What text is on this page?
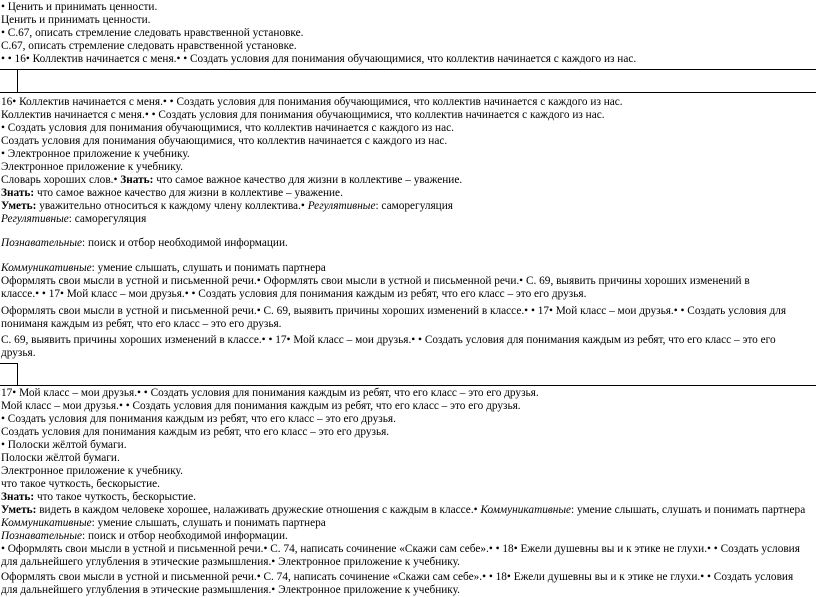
• Ценить и принимать ценности.
Ценить и принимать ценности.
• С.67, описать стремление следовать нравственной установке.
С.67, описать стремление следовать нравственной установке.
• • 16• Коллектив начинается с меня.• • Создать условия для понимания обучающимися, что коллектив начинается с каждого из нас.
16• Коллектив начинается с меня.• • Создать условия для понимания обучающимися, что коллектив начинается с каждого из нас.
Коллектив начинается с меня.• • Создать условия для понимания обучающимися, что коллектив начинается с каждого из нас.
• Создать условия для понимания обучающимися, что коллектив начинается с каждого из нас.
Создать условия для понимания обучающимися, что коллектив начинается с каждого из нас.
• Электронное приложение к учебнику.
Электронное приложение к учебнику.
Словарь хороших слов.• Знать: что самое важное качество для жизни в коллективе – уважение.
Знать: что самое важное качество для жизни в коллективе – уважение.
Уметь: уважительно относиться к каждому члену коллектива.• Регулятивные: саморегуляция
Регулятивные: саморегуляция
Познавательные: поиск и отбор необходимой информации.
Коммуникативные: умение слышать, слушать и понимать партнера
Оформлять свои мысли в устной и письменной речи.• Оформлять свои мысли в устной и письменной речи.• С. 69, выявить причины хороших изменений в
классе.• • 17• Мой класс – мои друзья.• • Создать условия для понимания каждым из ребят, что его класс – это его друзья.
Оформлять свои мысли в устной и письменной речи.• С. 69, выявить причины хороших изменений в классе.• • 17• Мой класс – мои друзья.• • Создать условия для
пониманя каждым из ребят, что его класс – это его друзья.
С. 69, выявить причины хороших изменений в классе.• • 17• Мой класс – мои друзья.• • Создать условия для понимания каждым из ребят, что его класс – это его
друзья.
17• Мой класс – мои друзья.• • Создать условия для понимания каждым из ребят, что его класс – это его друзья.
Мой класс – мои друзья.• • Создать условия для понимания каждым из ребят, что его класс – это его друзья.
• Создать условия для понимания каждым из ребят, что его класс – это его друзья.
Создать условия для понимания каждым из ребят, что его класс – это его друзья.
• Полоски жёлтой бумаги.
Полоски жёлтой бумаги.
Электронное приложение к учебнику.
что такое чуткость, бескорыстие.
Знать: что такое чуткость, бескорыстие.
Уметь: видеть в каждом человеке хорошее, налаживать дружеские отношения с каждым в классе.• Коммуникативные: умение слышать, слушать и понимать партнера
Коммуникативные: умение слышать, слушать и понимать партнера
Познавательные: поиск и отбор необходимой информации.
• Оформлять свои мысли в устной и письменной речи.• С. 74, написать сочинение «Скажи сам себе».• • 18• Ежели душевны вы и к этике не глухи.• • Создать условия
для дальнейшего углубления в этические размышления.• Электронное приложение к учебнику.
Оформлять свои мысли в устной и письменной речи.• С. 74, написать сочинение «Скажи сам себе».• • 18• Ежели душевны вы и к этике не глухи.• • Создать условия
для дальнейшего углубления в этические размышления.• Электронное приложение к учебнику.
